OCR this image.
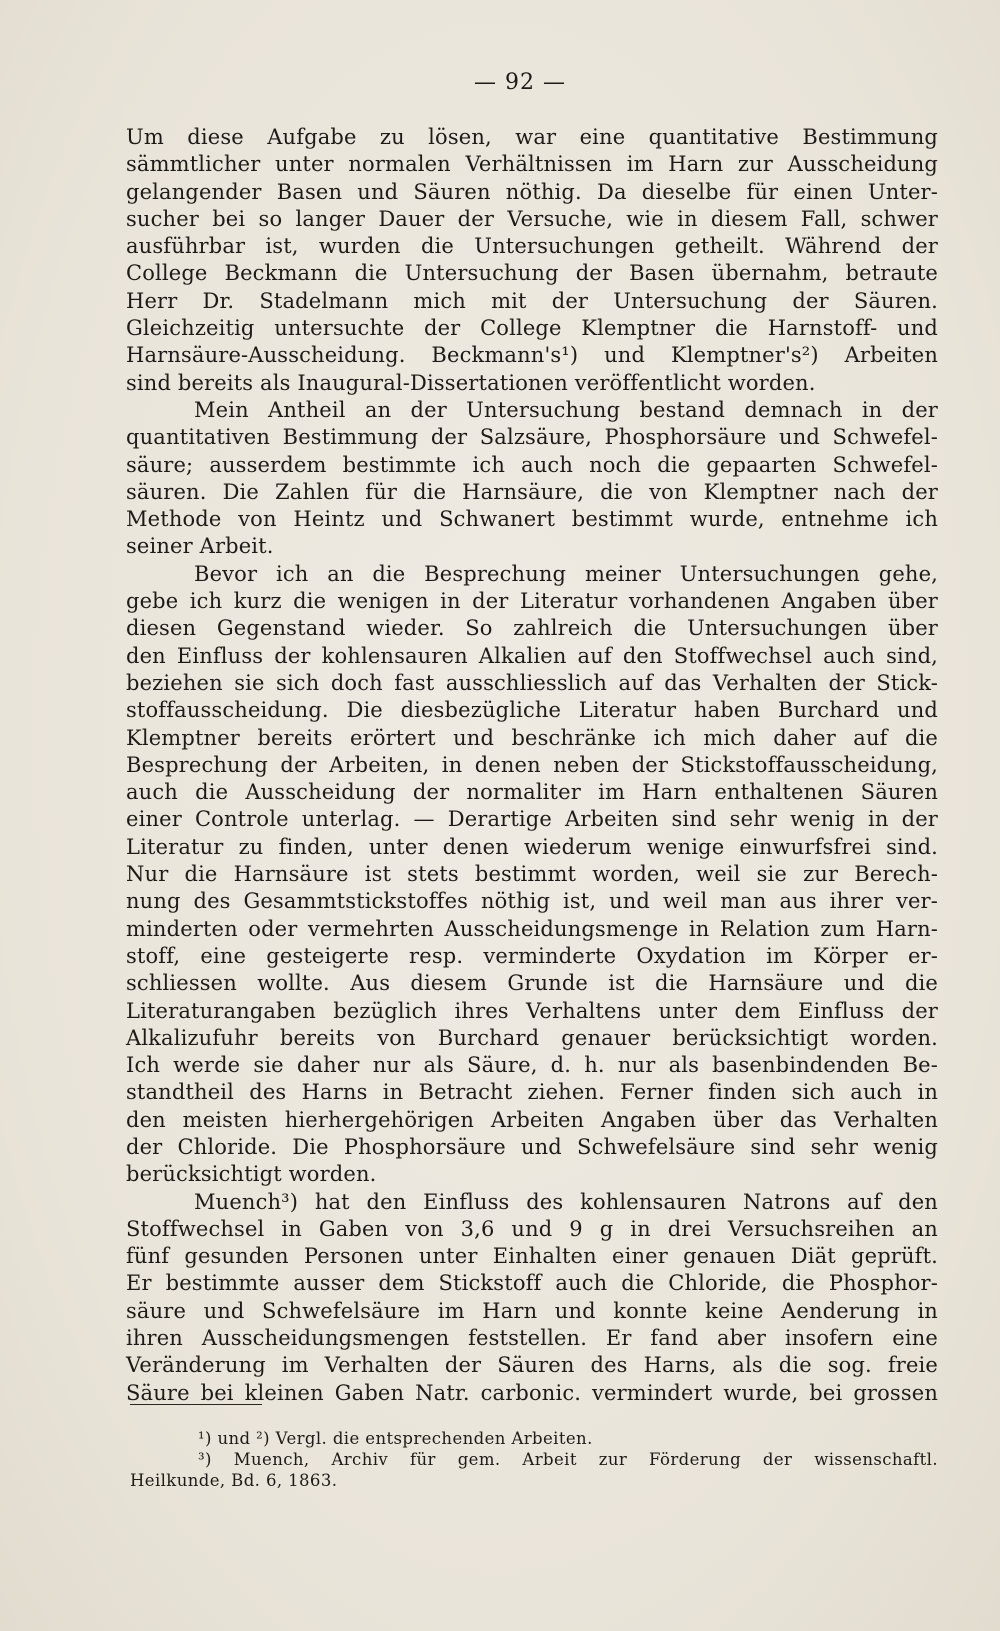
— 92 —
Um diese Aufgabe zu lösen, war eine quantitative Bestimmung
sämmtlicher unter normalen Verhältnissen im Harn zur Ausscheidung
gelangender Basen und Säuren nöthig. Da dieselbe für einen Unter-
sucher bei so langer Dauer der Versuche, wie in diesem Fall, schwer
ausführbar ist, wurden die Untersuchungen getheilt. Während der
College Beckmann die Untersuchung der Basen übernahm, betraute
Herr Dr. Stadelmann mich mit der Untersuchung der Säuren.
Gleichzeitig untersuchte der College Klemptner die Harnstoff- und
Harnsäure-Ausscheidung. Beckmann's¹) und Klemptner's²) Arbeiten
sind bereits als Inaugural-Dissertationen veröffentlicht worden.
Mein Antheil an der Untersuchung bestand demnach in der
quantitativen Bestimmung der Salzsäure, Phosphorsäure und Schwefel-
säure; ausserdem bestimmte ich auch noch die gepaarten Schwefel-
säuren. Die Zahlen für die Harnsäure, die von Klemptner nach der
Methode von Heintz und Schwanert bestimmt wurde, entnehme ich
seiner Arbeit.
Bevor ich an die Besprechung meiner Untersuchungen gehe,
gebe ich kurz die wenigen in der Literatur vorhandenen Angaben über
diesen Gegenstand wieder. So zahlreich die Untersuchungen über
den Einfluss der kohlensauren Alkalien auf den Stoffwechsel auch sind,
beziehen sie sich doch fast ausschliesslich auf das Verhalten der Stick-
stoffausscheidung. Die diesbezügliche Literatur haben Burchard und
Klemptner bereits erörtert und beschränke ich mich daher auf die
Besprechung der Arbeiten, in denen neben der Stickstoffausscheidung,
auch die Ausscheidung der normaliter im Harn enthaltenen Säuren
einer Controle unterlag. — Derartige Arbeiten sind sehr wenig in der
Literatur zu finden, unter denen wiederum wenige einwurfsfrei sind.
Nur die Harnsäure ist stets bestimmt worden, weil sie zur Berech-
nung des Gesammtstickstoffes nöthig ist, und weil man aus ihrer ver-
minderten oder vermehrten Ausscheidungsmenge in Relation zum Harn-
stoff, eine gesteigerte resp. verminderte Oxydation im Körper er-
schliessen wollte. Aus diesem Grunde ist die Harnsäure und die
Literaturangaben bezüglich ihres Verhaltens unter dem Einfluss der
Alkalizufuhr bereits von Burchard genauer berücksichtigt worden.
Ich werde sie daher nur als Säure, d. h. nur als basenbindenden Be-
standtheil des Harns in Betracht ziehen. Ferner finden sich auch in
den meisten hierhergehörigen Arbeiten Angaben über das Verhalten
der Chloride. Die Phosphorsäure und Schwefelsäure sind sehr wenig
berücksichtigt worden.
Muench³) hat den Einfluss des kohlensauren Natrons auf den
Stoffwechsel in Gaben von 3,6 und 9 g in drei Versuchsreihen an
fünf gesunden Personen unter Einhalten einer genauen Diät geprüft.
Er bestimmte ausser dem Stickstoff auch die Chloride, die Phosphor-
säure und Schwefelsäure im Harn und konnte keine Aenderung in
ihren Ausscheidungsmengen feststellen. Er fand aber insofern eine
Veränderung im Verhalten der Säuren des Harns, als die sog. freie
Säure bei kleinen Gaben Natr. carbonic. vermindert wurde, bei grossen
¹) und ²) Vergl. die entsprechenden Arbeiten.
³) Muench, Archiv für gem. Arbeit zur Förderung der wissenschaftl.
Heilkunde, Bd. 6, 1863.
